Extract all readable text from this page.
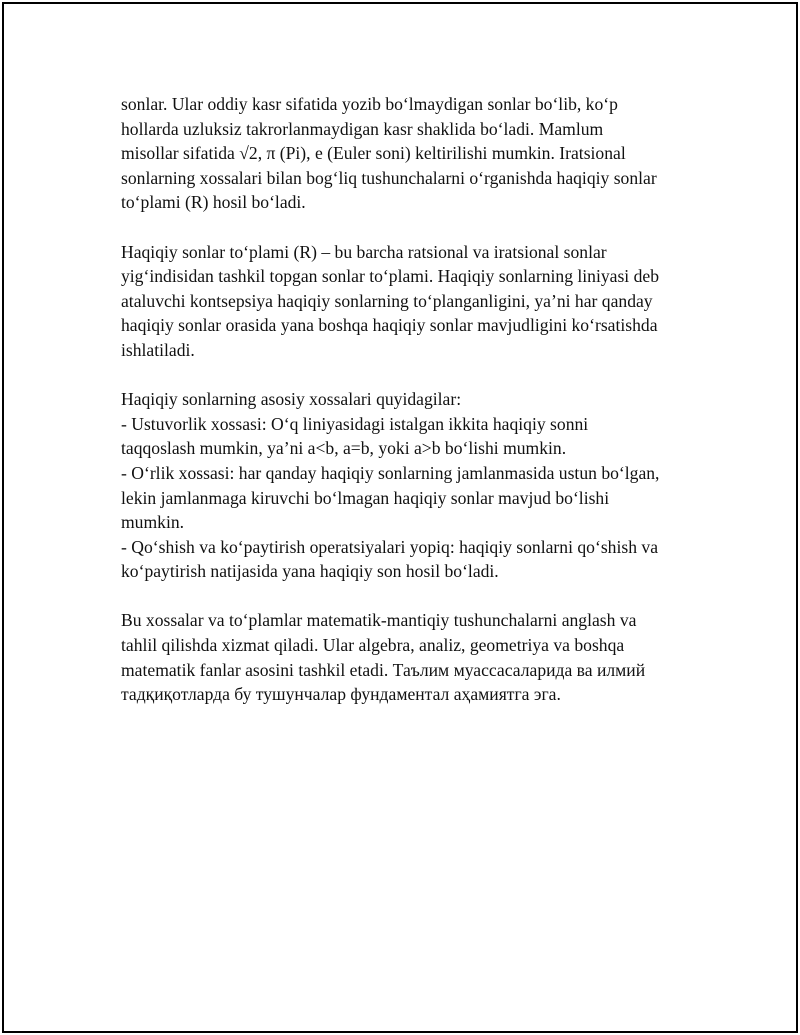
sonlar. Ular oddiy kasr sifatida yozib bo‘lmaydigan sonlar bo‘lib, ko‘p
hollarda uzluksiz takrorlanmaydigan kasr shaklida bo‘ladi. Mamlum
misollar sifatida √2, π (Pi), e (Euler soni) keltirilishi mumkin. Iratsional
sonlarning xossalari bilan bog‘liq tushunchalarni o‘rganishda haqiqiy sonlar
to‘plami (R) hosil bo‘ladi.

Haqiqiy sonlar to‘plami (R) – bu barcha ratsional va iratsional sonlar
yig‘indisidan tashkil topgan sonlar to‘plami. Haqiqiy sonlarning liniyasi deb
ataluvchi kontsepsiya haqiqiy sonlarning to‘planganligini, ya’ni har qanday
haqiqiy sonlar orasida yana boshqa haqiqiy sonlar mavjudligini ko‘rsatishda
ishlatiladi.

Haqiqiy sonlarning asosiy xossalari quyidagilar:
- Ustuvorlik xossasi: O‘q liniyasidagi istalgan ikkita haqiqiy sonni
taqqoslash mumkin, ya’ni a<b, a=b, yoki a>b bo‘lishi mumkin.
- O‘rlik xossasi: har qanday haqiqiy sonlarning jamlanmasida ustun bo‘lgan,
lekin jamlanmaga kiruvchi bo‘lmagan haqiqiy sonlar mavjud bo‘lishi
mumkin.
- Qo‘shish va ko‘paytirish operatsiyalari yopiq: haqiqiy sonlarni qo‘shish va
ko‘paytirish natijasida yana haqiqiy son hosil bo‘ladi.

Bu xossalar va to‘plamlar matematik-mantiqiy tushunchalarni anglash va
tahlil qilishda xizmat qiladi. Ular algebra, analiz, geometriya va boshqa
matematik fanlar asosini tashkil etadi. Таълим муассасаларида ва илмий
тадқиқотларда бу тушунчалар фундаментал аҳамиятга эга.
